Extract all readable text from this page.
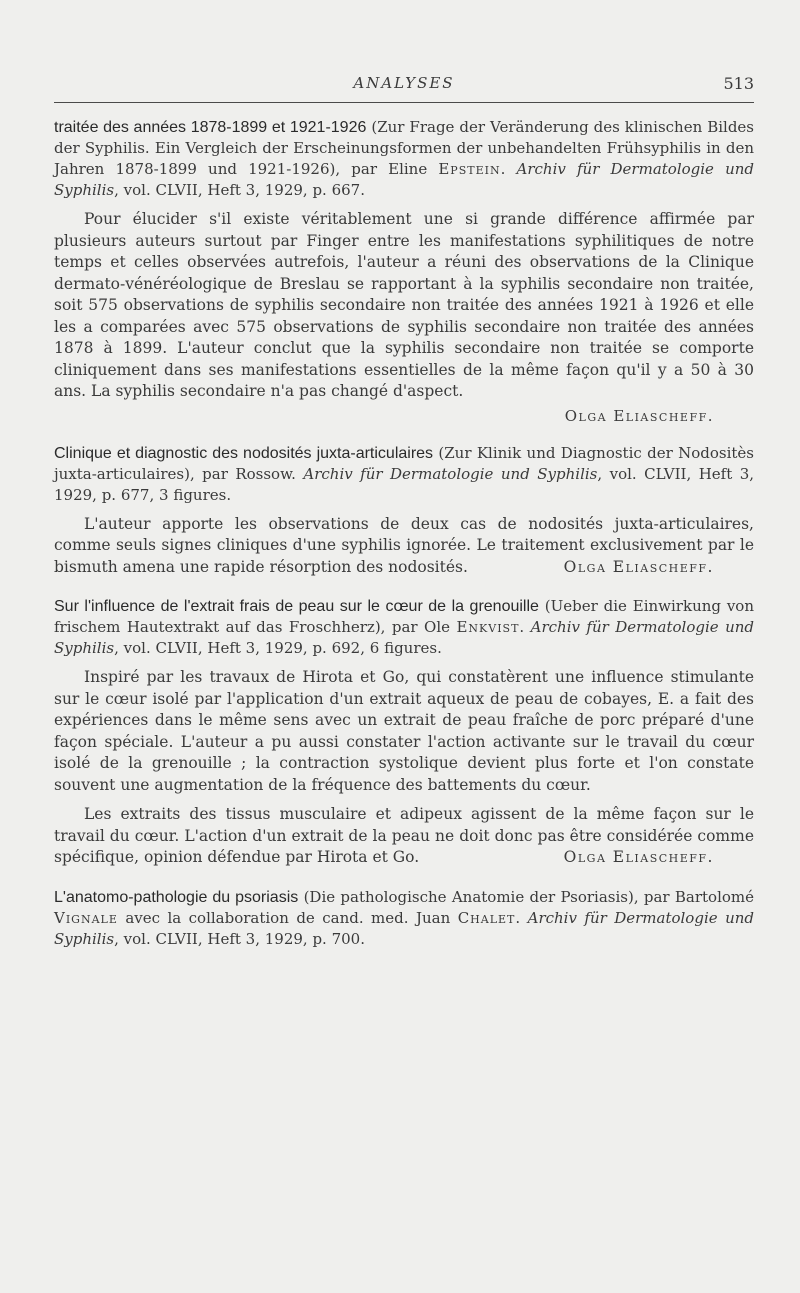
ANALYSES	513

traitée des années 1878-1899 et 1921-1926 (Zur Frage der Veränderung des klinischen Bildes der Syphilis. Ein Vergleich der Erscheinungsformen der unbehandelten Frühsyphilis in den Jahren 1878-1899 und 1921-1926), par Eline Epstein. Archiv für Dermatologie und Syphilis, vol. CLVII, Heft 3, 1929, p. 667.

Pour élucider s'il existe véritablement une si grande différence affirmée par plusieurs auteurs surtout par Finger entre les manifestations syphilitiques de notre temps et celles observées autrefois, l'auteur a réuni des observations de la Clinique dermato-vénéréologique de Breslau se rapportant à la syphilis secondaire non traitée, soit 575 observations de syphilis secondaire non traitée des années 1921 à 1926 et elle les a comparées avec 575 observations de syphilis secondaire non traitée des années 1878 à 1899. L'auteur conclut que la syphilis secondaire non traitée se comporte cliniquement dans ses manifestations essentielles de la même façon qu'il y a 50 à 30 ans. La syphilis secondaire n'a pas changé d'aspect.

Olga Eliascheff.

Clinique et diagnostic des nodosités juxta-articulaires (Zur Klinik und Diagnostic der Nodositès juxta-articulaires), par Rossow. Archiv für Dermatologie und Syphilis, vol. CLVII, Heft 3, 1929, p. 677, 3 figures.

L'auteur apporte les observations de deux cas de nodosités juxta-articulaires, comme seuls signes cliniques d'une syphilis ignorée. Le traitement exclusivement par le bismuth amena une rapide résorption des nodosités.	Olga Eliascheff.

Sur l'influence de l'extrait frais de peau sur le cœur de la grenouille (Ueber die Einwirkung von frischem Hautextrakt auf das Froschherz), par Ole Enkvist. Archiv für Dermatologie und Syphilis, vol. CLVII, Heft 3, 1929, p. 692, 6 figures.

Inspiré par les travaux de Hirota et Go, qui constatèrent une influence stimulante sur le cœur isolé par l'application d'un extrait aqueux de peau de cobayes, E. a fait des expériences dans le même sens avec un extrait de peau fraîche de porc préparé d'une façon spéciale. L'auteur a pu aussi constater l'action activante sur le travail du cœur isolé de la grenouille ; la contraction systolique devient plus forte et l'on constate souvent une augmentation de la fréquence des battements du cœur.

Les extraits des tissus musculaire et adipeux agissent de la même façon sur le travail du cœur. L'action d'un extrait de la peau ne doit donc pas être considérée comme spécifique, opinion défendue par Hirota et Go.	Olga Eliascheff.

L'anatomo-pathologie du psoriasis (Die pathologische Anatomie der Psoriasis), par Bartolomé Vignale avec la collaboration de cand. med. Juan Chalet. Archiv für Dermatologie und Syphilis, vol. CLVII, Heft 3, 1929, p. 700.
